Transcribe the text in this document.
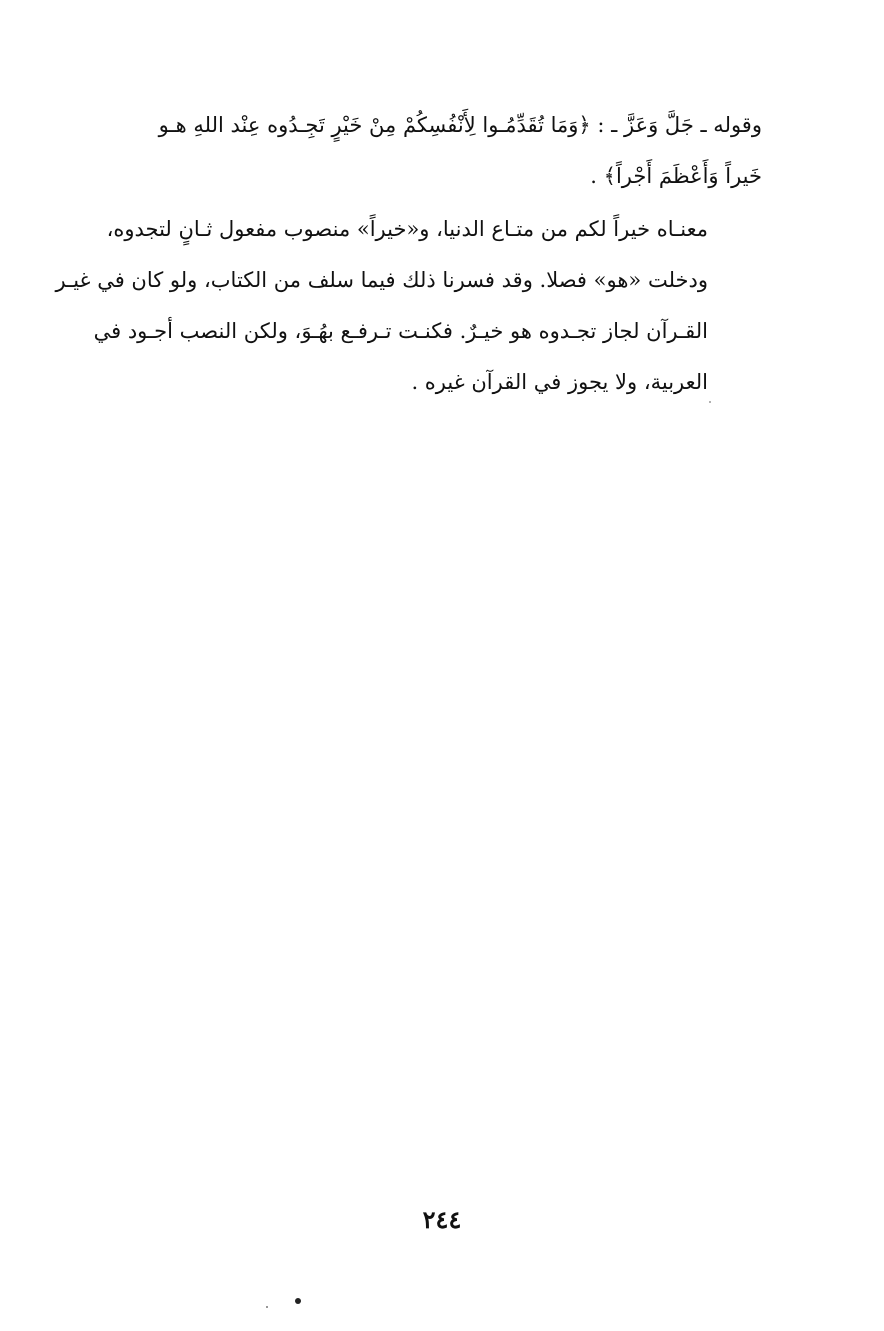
وقوله ـ جَلَّ وَعَزَّ ـ : ﴿وَمَا تُقَدِّمُـوا لِأَنْفُسِكُمْ مِنْ خَيْرٍ تَجِـدُوه عِنْد اللهِ هـو
خَيراً وَأَعْظَمَ أَجْراً﴾ .
معنـاه خيراً لكم من متـاع الدنيا، و«خيراً» منصوب مفعول ثـانٍ لتجدوه،
ودخلت «هو» فصلا. وقد فسرنا ذلك فيما سلف من الكتاب، ولو كان في غيـر
القـرآن لجاز تجـدوه هو خيـرٌ. فكنـت تـرفـع بهُـوَ، ولكن النصب أجـود في
العربية، ولا يجوز في القرآن غيره .
٢٤٤
